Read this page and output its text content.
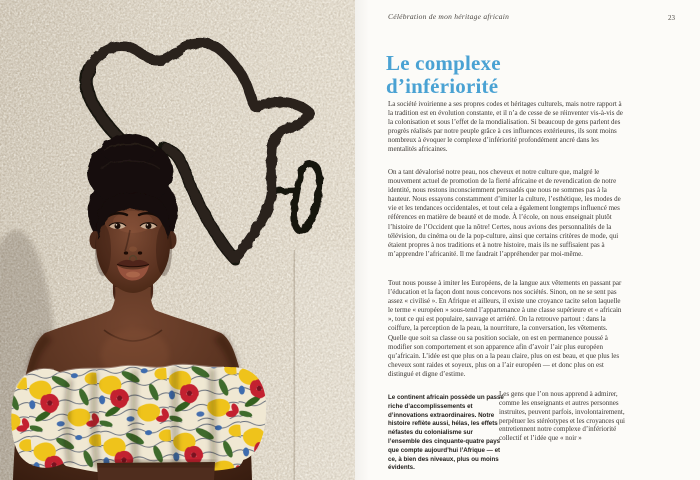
Célébration de mon héritage africain	23
Le complexe
d’infériorité

La société ivoirienne a ses propres codes et héritages culturels, mais notre rapport à la tradition est en évolution constante, et il n’a de cesse de se réinventer vis-à-vis de la colonisation et sous l’effet de la mondialisation. Si beaucoup de gens parlent des progrès réalisés par notre peuple grâce à ces influences extérieures, ils sont moins nombreux à évoquer le complexe d’infériorité profondément ancré dans les mentalités africaines.

On a tant dévalorisé notre peau, nos cheveux et notre culture que, malgré le mouvement actuel de promotion de la fierté africaine et de revendication de notre identité, nous restons inconsciemment persuadés que nous ne sommes pas à la hauteur. Nous essayons constamment d’imiter la culture, l’esthétique, les modes de vie et les tendances occidentales, et tout cela a également longtemps influencé mes références en matière de beauté et de mode. À l’école, on nous enseignait plutôt l’histoire de l’Occident que la nôtre! Certes, nous avions des personnalités de la télévision, du cinéma ou de la pop-culture, ainsi que certains critères de mode, qui étaient propres à nos traditions et à notre histoire, mais ils ne suffisaient pas à m’apprendre l’africanité. Il me faudrait l’appréhender par moi-même.

Tout nous pousse à imiter les Européens, de la langue aux vêtements en passant par l’éducation et la façon dont nous concevons nos sociétés. Sinon, on ne se sent pas assez « civilisé ». En Afrique et ailleurs, il existe une croyance tacite selon laquelle le terme « européen » sous-tend l’appartenance à une classe supérieure et « africain », tout ce qui est populaire, sauvage et arriéré. On la retrouve partout : dans la coiffure, la perception de la peau, la nourriture, la conversation, les vêtements. Quelle que soit sa classe ou sa position sociale, on est en permanence poussé à modifier son comportement et son apparence afin d’avoir l’air plus européen qu’africain. L’idée est que plus on a la peau claire, plus on est beau, et que plus les cheveux sont raides et soyeux, plus on a l’air européen — et donc plus on est distingué et digne d’estime.

Le continent africain possède un passé riche d’accomplissements et d’innovations extraordinaires. Notre histoire reflète aussi, hélas, les effets néfastes du colonialisme sur l’ensemble des cinquante-quatre pays que compte aujourd’hui l’Afrique — et ce, à bien des niveaux, plus ou moins évidents.

Les gens que l’on nous apprend à admirer, comme les enseignants et autres personnes instruites, peuvent parfois, involontairement, perpétuer les stéréotypes et les croyances qui entretiennent notre complexe d’infériorité collectif et l’idée que « noir »
